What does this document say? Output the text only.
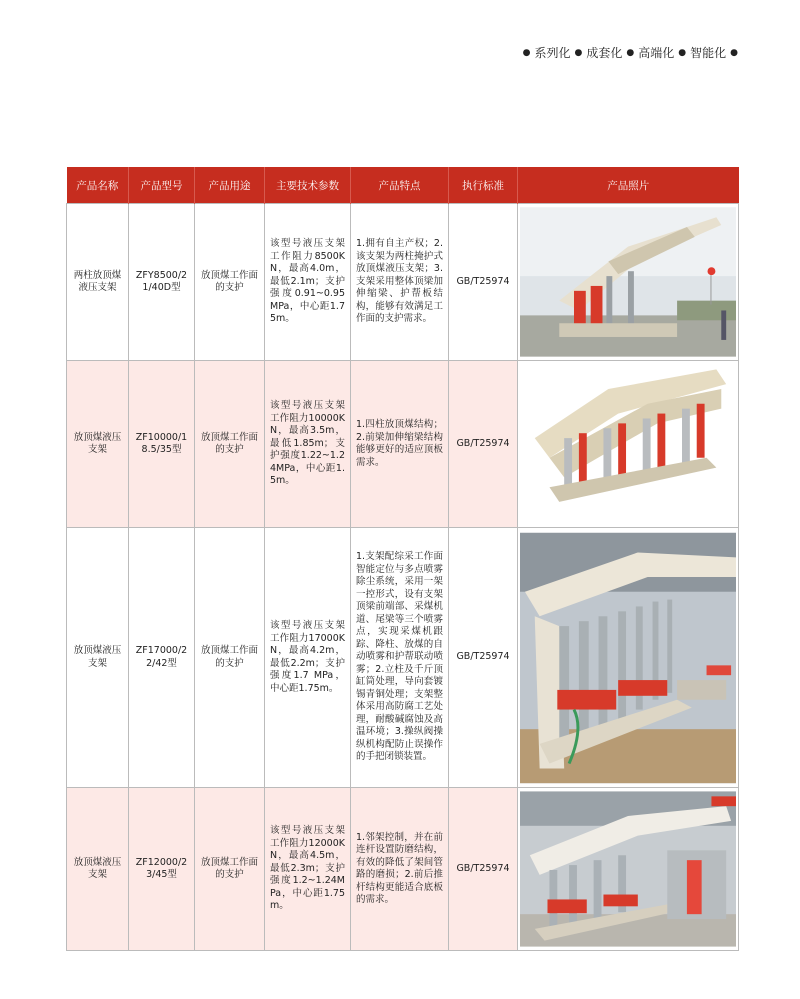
● 系列化 ● 成套化 ● 高端化 ● 智能化 ●
产品名称	产品型号	产品用途	主要技术参数	产品特点	执行标准	产品照片
两柱放顶煤液压支架	ZFY8500/21/40D型	放顶煤工作面的支护	该型号液压支架工作阻力8500KN，最高4.0m，最低2.1m；支护强度0.91~0.95MPa，中心距1.75m。	1.拥有自主产权；2.该支架为两柱掩护式放顶煤液压支架；3.支架采用整体顶梁加伸缩梁、护帮板结构，能够有效满足工作面的支护需求。	GB/T25974	

放顶煤液压支架	ZF10000/18.5/35型	放顶煤工作面的支护	该型号液压支架工作阻力10000KN，最高3.5m，最低1.85m；支护强度1.22~1.24MPa，中心距1.5m。	1.四柱放顶煤结构；2.前梁加伸缩梁结构能够更好的适应顶板需求。	GB/T25974	

放顶煤液压支架	ZF17000/22/42型	放顶煤工作面的支护	该型号液压支架工作阻力17000KN，最高4.2m，最低2.2m；支护强度1.7 MPa，中心距1.75m。	1.支架配综采工作面智能定位与多点喷雾除尘系统，采用一架一控形式，设有支架顶梁前端部、采煤机道、尾梁等三个喷雾点，实现采煤机跟踪、降柱、放煤的自动喷雾和护帮联动喷雾；2.立柱及千斤顶缸筒处理，导向套镀锡青铜处理；支架整体采用高防腐工艺处理，耐酸碱腐蚀及高温环境；3.操纵阀操纵机构配防止误操作的手把闭锁装置。	GB/T25974	

放顶煤液压支架	ZF12000/23/45型	放顶煤工作面的支护	该型号液压支架工作阻力12000KN，最高4.5m，最低2.3m；支护强度1.2~1.24MPa，中心距1.75m。	1.邻架控制，并在前连杆设置防磨结构，有效的降低了架间管路的磨损；2.前后推杆结构更能适合底板的需求。	GB/T25974	
